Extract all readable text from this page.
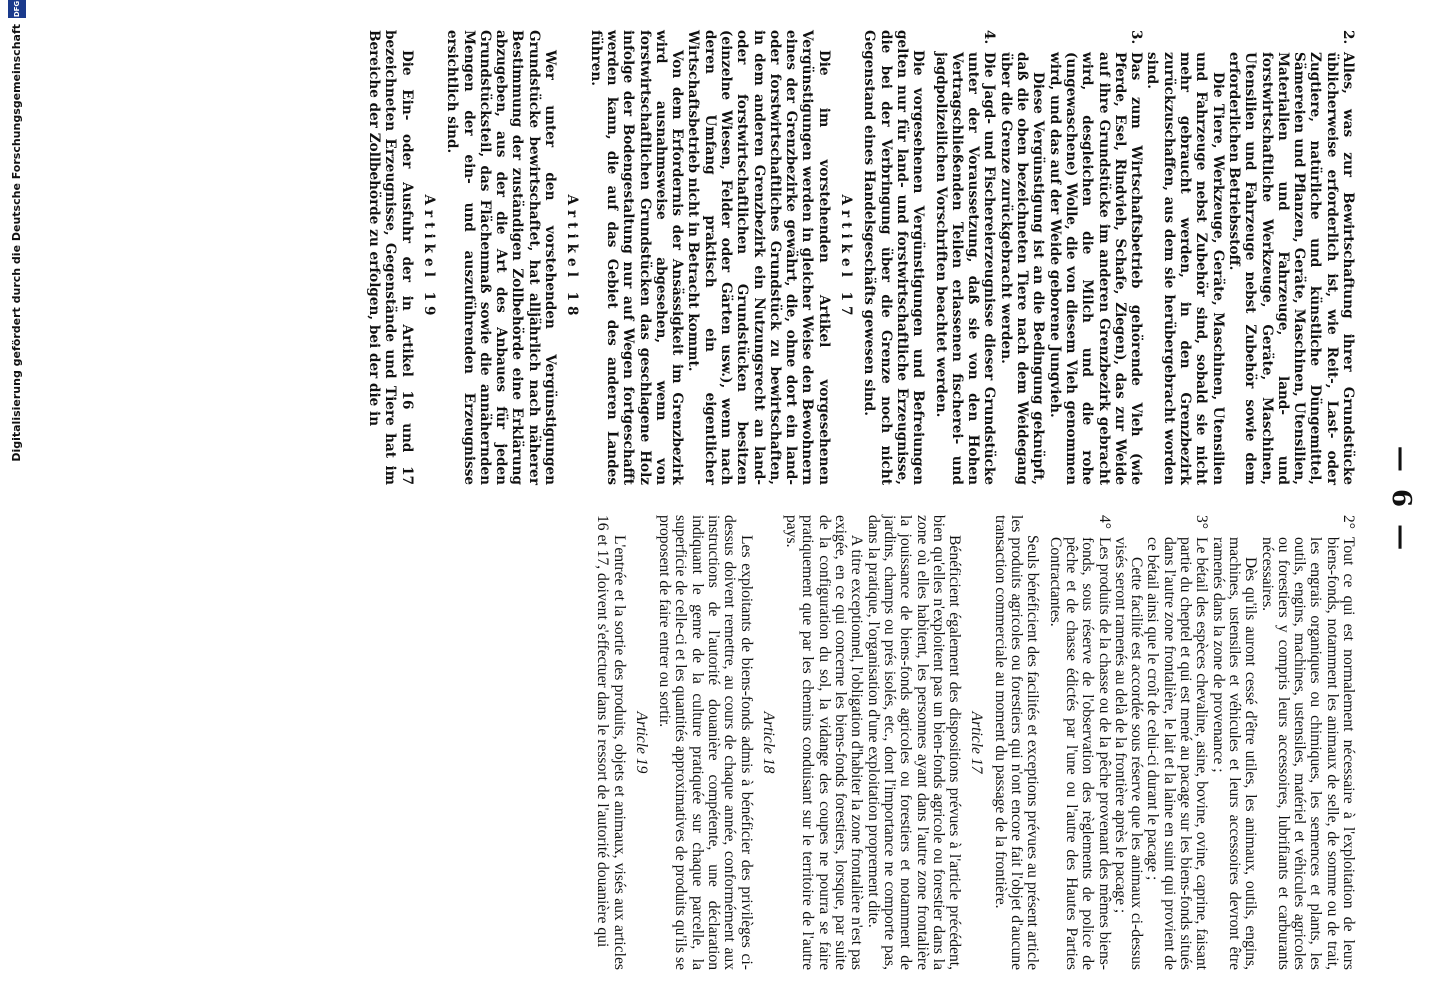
— 6 —
2.

Alles, was zur Bewirtschaftung ihrer Grundstücke üblicherweise erforderlich ist, wie Reit-, Last- oder Zugtiere, natürliche und künstliche Düngemittel, Sämereien und Pflanzen, Geräte, Maschinen, Utensilien, Materialien und Fahrzeuge, land- und forstwirtschaftliche Werkzeuge, Geräte, Maschinen, Utensilien und Fahrzeuge nebst Zubehör sowie dem erforderlichen Betriebsstoff.

Die Tiere, Werkzeuge, Geräte, Maschinen, Utensilien und Fahrzeuge nebst Zubehör sind, sobald sie nicht mehr gebraucht werden, in den Grenzbezirk zurückzuschaffen, aus dem sie herübergebracht worden sind.

3.

Das zum Wirtschaftsbetrieb gehörende Vieh (wie Pferde, Esel, Rindvieh, Schafe, Ziegen), das zur Weide auf ihre Grundstücke im anderen Grenzbezirk gebracht wird, desgleichen die Milch und die rohe (ungewaschene) Wolle, die von diesem Vieh genommen wird, und das auf der Weide geborene Jungvieh.

Diese Vergünstigung ist an die Bedingung geknüpft, daß die oben bezeichneten Tiere nach dem Weidegang über die Grenze zurückgebracht werden.

4.

Die Jagd- und Fischereierzeugnisse dieser Grundstücke unter der Voraussetzung, daß sie von den Hohen Vertragschließenden Teilen erlassenen fischerei- und jagdpolizeilichen Vorschriften beachtet werden.

Die vorgesehenen Vergünstigungen und Befreiungen gelten nur für land- und forstwirtschaftliche Erzeugnisse, die bei der Verbringung über die Grenze noch nicht Gegenstand eines Handelsgeschäfts gewesen sind.

Artikel 17

Die im vorstehenden Artikel vorgesehenen Vergünstigungen werden in gleicher Weise den Bewohnern eines der Grenzbezirke gewährt, die, ohne dort ein land- oder forstwirtschaftliches Grundstück zu bewirtschaften, in dem anderen Grenzbezirk ein Nutzungsrecht an land- oder forstwirtschaftlichen Grundstücken besitzen (einzelne Wiesen, Felder oder Gärten usw.), wenn nach deren Umfang praktisch ein eigentlicher Wirtschaftsbetrieb nicht in Betracht kommt.

Von dem Erfordernis der Ansässigkeit im Grenzbezirk wird ausnahmsweise abgesehen, wenn von forstwirtschaftlichen Grundstücken das geschlagene Holz infolge der Bodengestaltung nur auf Wegen fortgeschafft werden kann, die auf das Gebiet des anderen Landes führen.

Artikel 18

Wer unter den vorstehenden Vergünstigungen Grundstücke bewirtschaftet, hat alljährlich nach näherer Bestimmung der zuständigen Zollbehörde eine Erklärung abzugeben, aus der die Art des Anbaues für jeden Grundstücksteil, das Flächenmaß sowie die annähernden Mengen der ein- und auszuführenden Erzeugnisse ersichtlich sind.

Artikel 19

Die Ein- oder Ausfuhr der in Artikel 16 und 17 bezeichneten Erzeugnisse, Gegenstände und Tiere hat im Bereiche der Zollbehörde zu erfolgen, bei der die in

2°

Tout ce qui est normalement nécessaire à l'exploitation de leurs biens-fonds, notamment les animaux de selle, de somme ou de trait, les engrais organiques ou chimiques, les semences et plants, les outils, engins, machines, ustensiles, matériel et véhicules agricoles ou forestiers y compris leurs accessoires, lubrifiants et carburants nécessaires.

Dès qu'ils auront cessé d'être utiles, les animaux, outils, engins, machines, ustensiles et véhicules et leurs accessoires devront être ramenés dans la zone de provenance ;

3°

Le bétail des espèces chevaline, asine, bovine, ovine, caprine, faisant partie du cheptel et qui est mené au pacage sur les biens-fonds situés dans l'autre zone frontalière, le lait et la laine en suint qui provient de ce bétail ainsi que le croît de celui-ci durant le pacage ;

Cette facilité est accordée sous réserve que les animaux ci-dessus visés seront ramenés au delà de la frontière après le pacage ;

4°

Les produits de la chasse ou de la pêche provenant des mêmes biens-fonds, sous réserve de l'observation des règlements de police de pêche et de chasse édictés par l'une ou l'autre des Hautes Parties Contractantes.

Seuls bénéficient des facilités et exceptions prévues au présent article les produits agricoles ou forestiers qui n'ont encore fait l'objet d'aucune transaction commerciale au moment du passage de la frontière.

Article 17

Bénéficient également des dispositions prévues à l'article précédent, bien qu'elles n'exploitent pas un bien-fonds agricole ou forestier dans la zone où elles habitent, les personnes ayant dans l'autre zone frontalière la jouissance de biens-fonds agricoles ou forestiers et notamment de jardins, champs ou prés isolés, etc., dont l'importance ne comporte pas, dans la pratique, l'organisation d'une exploitation proprement dite.

A titre exceptionnel, l'obligation d'habiter la zone frontalière n'est pas exigée, en ce qui concerne les biens-fonds forestiers, lorsque, par suite de la configuration du sol, la vidange des coupes ne pourra se faire pratiquement que par les chemins conduisant sur le territoire de l'autre pays.

Article 18

Les exploitants de biens-fonds admis à bénéficier des privilèges ci-dessus doivent remettre, au cours de chaque année, conformément aux instructions de l'autorité douanière compétente, une déclaration indiquant le genre de la culture pratiquée sur chaque parcelle, la superficie de celle-ci et les quantités approximatives de produits qu'ils se proposent de faire entrer ou sortir.

Article 19

L'entrée et la sortie des produits, objets et animaux, visés aux articles 16 et 17, doivent s'effectuer dans le ressort de l'autorité douanière qui

Digitalisierung gefördert durch die Deutsche Forschungsgemeinschaft
DFG
